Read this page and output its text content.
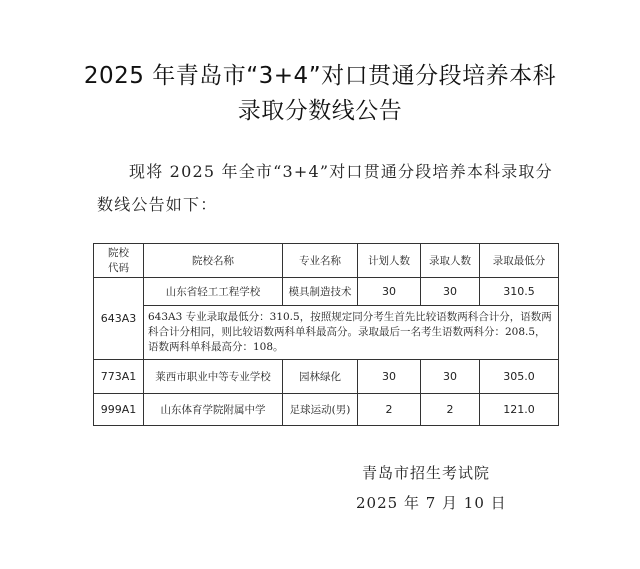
2025 年青岛市“3+4”对口贯通分段培养本科
录取分数线公告
现将 2025 年全市“3+4”对口贯通分段培养本科录取分
数线公告如下：
院校代码	院校名称	专业名称	计划人数	录取人数	录取最低分
643A3	山东省轻工工程学校	模具制造技术	30	30	310.5
	643A3 专业录取最低分：310.5，按照规定同分考生首先比较语数两科合计分，语数两科合计分相同，则比较语数两科单科最高分。录取最后一名考生语数两科分：208.5，语数两科单科最高分：108。				
773A1	莱西市职业中等专业学校	园林绿化	30	30	305.0
999A1	山东体育学院附属中学	足球运动(男)	2	2	121.0
青岛市招生考试院
2025 年 7 月 10 日
